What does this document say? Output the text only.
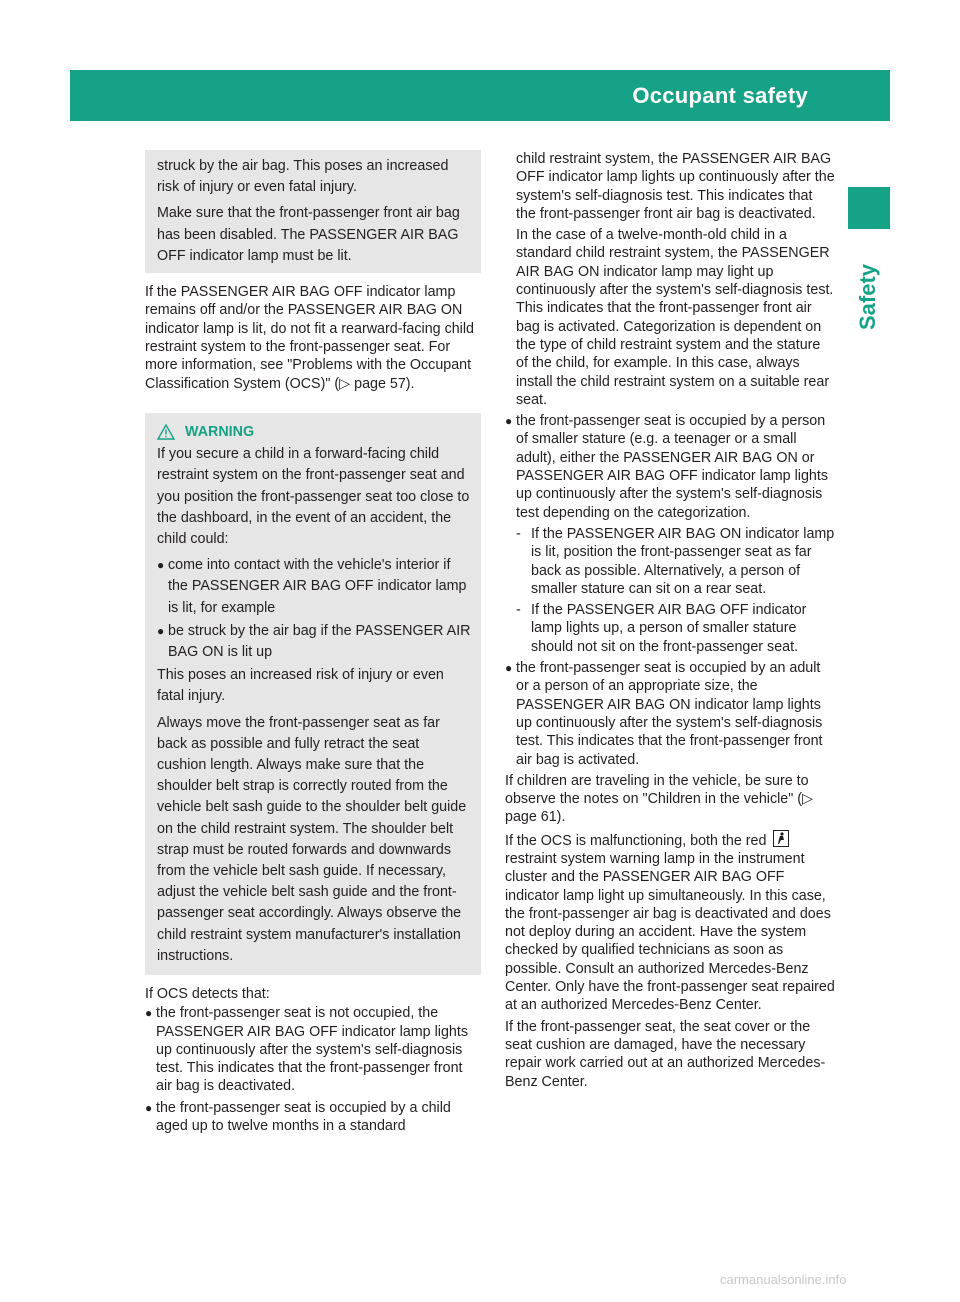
Occupant safety	55
Safety

struck by the air bag. This poses an increased risk of injury or even fatal injury.

Make sure that the front-passenger front air bag has been disabled. The PASSENGER AIR BAG OFF indicator lamp must be lit.

If the PASSENGER AIR BAG OFF indicator lamp remains off and/or the PASSENGER AIR BAG ON indicator lamp is lit, do not fit a rearward-facing child restraint system to the front-passenger seat. For more information, see "Problems with the Occupant Classification System (OCS)" (▷ page 57).

WARNING

If you secure a child in a forward-facing child restraint system on the front-passenger seat and you position the front-passenger seat too close to the dashboard, in the event of an accident, the child could:

● come into contact with the vehicle's interior if the PASSENGER AIR BAG OFF indicator lamp is lit, for example
● be struck by the air bag if the PASSENGER AIR BAG ON is lit up

This poses an increased risk of injury or even fatal injury.

Always move the front-passenger seat as far back as possible and fully retract the seat cushion length. Always make sure that the shoulder belt strap is correctly routed from the vehicle belt sash guide to the shoulder belt guide on the child restraint system. The shoulder belt strap must be routed forwards and downwards from the vehicle belt sash guide. If necessary, adjust the vehicle belt sash guide and the front-passenger seat accordingly. Always observe the child restraint system manufacturer's installation instructions.

If OCS detects that:

● the front-passenger seat is not occupied, the PASSENGER AIR BAG OFF indicator lamp lights up continuously after the system's self-diagnosis test. This indicates that the front-passenger front air bag is deactivated.
● the front-passenger seat is occupied by a child aged up to twelve months in a standard

child restraint system, the PASSENGER AIR BAG OFF indicator lamp lights up continuously after the system's self-diagnosis test. This indicates that the front-passenger front air bag is deactivated.

In the case of a twelve-month-old child in a standard child restraint system, the PASSENGER AIR BAG ON indicator lamp may light up continuously after the system's self-diagnosis test. This indicates that the front-passenger front air bag is activated. Categorization is dependent on the type of child restraint system and the stature of the child, for example. In this case, always install the child restraint system on a suitable rear seat.

● the front-passenger seat is occupied by a person of smaller stature (e.g. a teenager or a small adult), either the PASSENGER AIR BAG ON or PASSENGER AIR BAG OFF indicator lamp lights up continuously after the system's self-diagnosis test depending on the categorization.
- If the PASSENGER AIR BAG ON indicator lamp is lit, position the front-passenger seat as far back as possible. Alternatively, a person of smaller stature can sit on a rear seat.
- If the PASSENGER AIR BAG OFF indicator lamp lights up, a person of smaller stature should not sit on the front-passenger seat.
● the front-passenger seat is occupied by an adult or a person of an appropriate size, the PASSENGER AIR BAG ON indicator lamp lights up continuously after the system's self-diagnosis test. This indicates that the front-passenger front air bag is activated.

If children are traveling in the vehicle, be sure to observe the notes on "Children in the vehicle" (▷ page 61).

If the OCS is malfunctioning, both the red
restraint system warning lamp in the instrument cluster and the PASSENGER AIR BAG OFF indicator lamp light up simultaneously. In this case, the front-passenger air bag is deactivated and does not deploy during an accident. Have the system checked by qualified technicians as soon as possible. Consult an authorized Mercedes-Benz Center. Only have the front-passenger seat repaired at an authorized Mercedes-Benz Center.

If the front-passenger seat, the seat cover or the seat cushion are damaged, have the necessary repair work carried out at an authorized Mercedes-Benz Center.

carmanualsonline.info
